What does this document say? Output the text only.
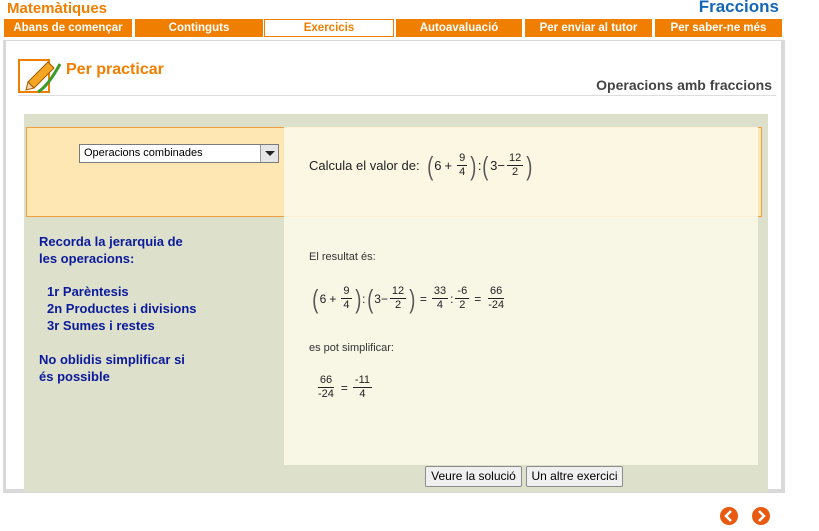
Matemàtiques	Fraccions
Abans de començar	Continguts	Exercicis	Autoavaluació	Per enviar al tutor	Per saber-ne més
Per practicar
Operacions amb fraccions
Operacions combinades
Calcula el valor de: ( $6 + \frac{9}{4}$ ) : ( $3 - \frac{12}{2}$ )
Recorda la jerarquia de
les operacions:
1r Parèntesis
2n Productes i divisions
3r Sumes i restes
No oblidis simplificar si
és possible
El resultat és:
( $6 + \frac{9}{4}$ ) : ( $3 - \frac{12}{2}$ ) = $\frac{33}{4}$ : $\frac{-6}{2} = \frac{66}{-24}$
es pot simplificar:
$\frac{66}{-24} = \frac{-11}{4}$
Veure la solució	Un altre exercici
